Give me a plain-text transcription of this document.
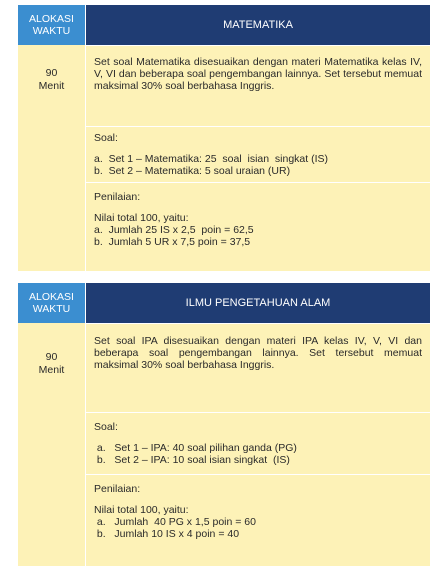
ALOKASI
WAKTU	MATEMATIKA

90
Menit	Set soal Matematika disesuaikan dengan materi Matematika kelas IV, V, VI dan beberapa soal pengembangan lainnya. Set tersebut memuat maksimal 30% soal berbahasa Inggris.

	Soal:
a.  Set 1 – Matematika: 25  soal  isian  singkat (IS)
b.  Set 2 – Matematika: 5 soal uraian (UR)

	Penilaian:
Nilai total 100, yaitu:
a.  Jumlah 25 IS x 2,5  poin = 62,5
b.  Jumlah 5 UR x 7,5 poin = 37,5
ALOKASI
WAKTU	ILMU PENGETAHUAN ALAM

90
Menit	Set soal IPA disesuaikan dengan materi IPA kelas IV, V, VI dan beberapa soal pengembangan lainnya. Set tersebut memuat maksimal 30% soal berbahasa Inggris.

	Soal:
a.   Set 1 – IPA: 40 soal pilihan ganda (PG)
b.   Set 2 – IPA: 10 soal isian singkat  (IS)

	Penilaian:
Nilai total 100, yaitu:
a.   Jumlah  40 PG x 1,5 poin = 60
b.   Jumlah 10 IS x 4 poin = 40
